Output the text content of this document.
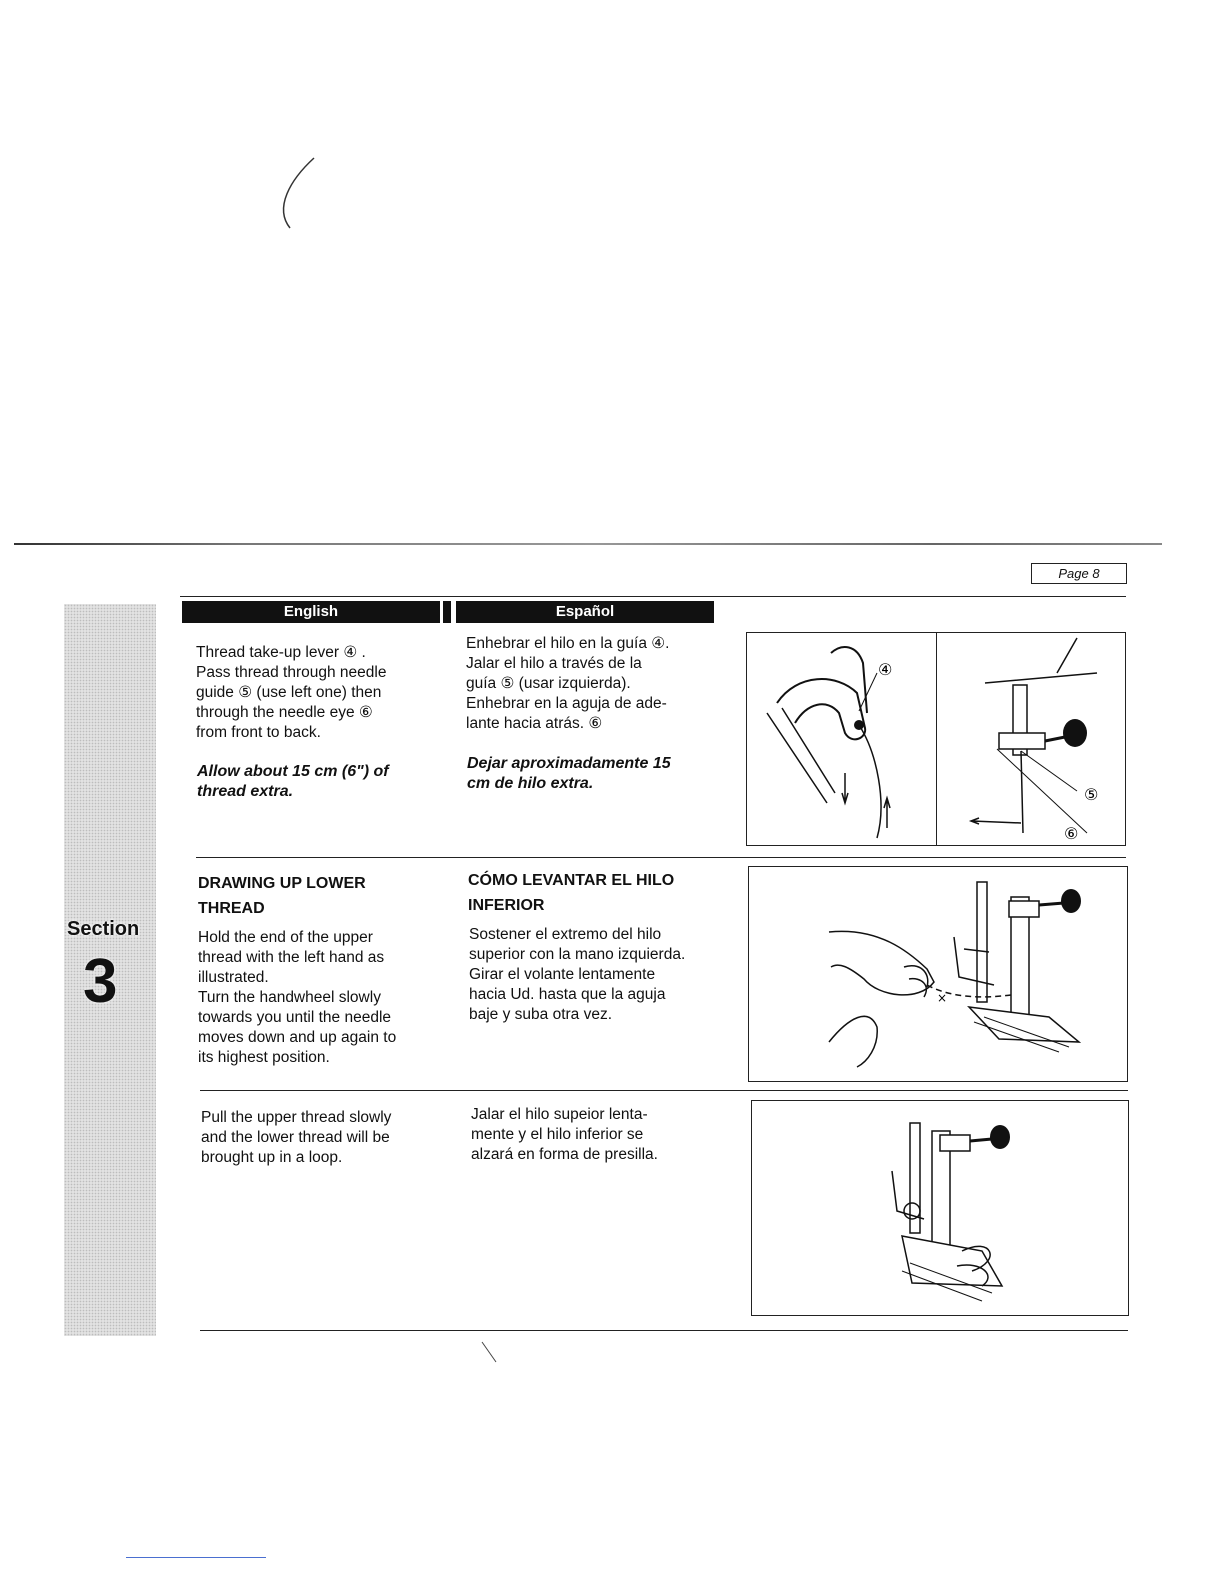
Page 8
Section
3
English	Español
Thread take-up lever ④ .
Pass thread through needle
guide ⑤ (use left one) then
through the needle eye ⑥
from front to back.
Allow about 15 cm (6") of
thread extra.
Enhebrar el hilo en la guía ④.
Jalar el hilo a través de la
guía ⑤ (usar izquierda).
Enhebrar en la aguja de ade-
lante hacia atrás. ⑥
Dejar aproximadamente 15
cm de hilo extra.
④
⑤
⑥
DRAWING UP LOWER
THREAD
Hold the end of the upper
thread with the left hand as
illustrated.
Turn the handwheel slowly
towards you until the needle
moves down and up again to
its highest position.
CÓMO LEVANTAR EL HILO
INFERIOR
Sostener el extremo del hilo
superior con la mano izquierda.
Girar el volante lentamente
hacia Ud. hasta que la aguja
baje y suba otra vez.
×
Pull the upper thread slowly
and the lower thread will be
brought up in a loop.
Jalar el hilo supeior lenta-
mente y el hilo inferior se
alzará en forma de presilla.
